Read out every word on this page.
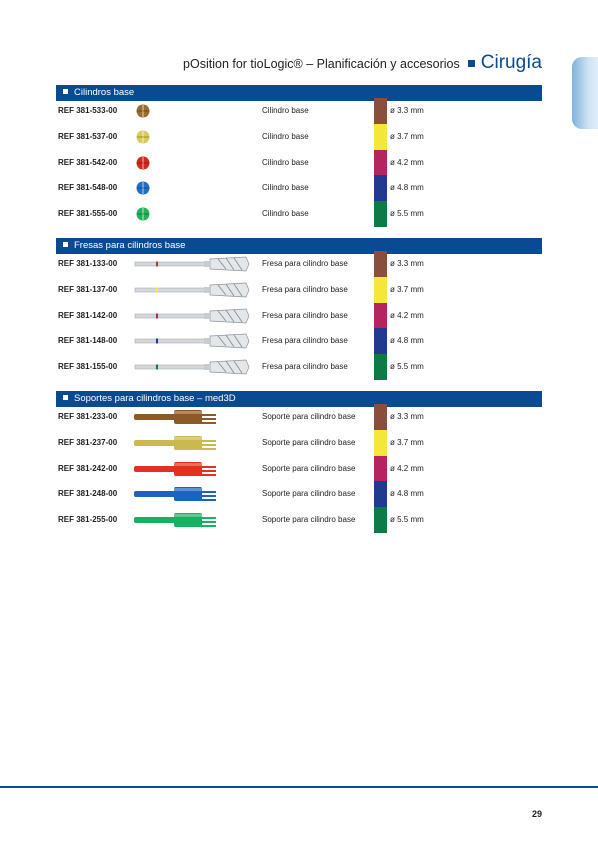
pOsition for tioLogic® – Planificación y accesorios Cirugía
Cilindros base
REF 381-533-00	Cilindro base	ø 3.3 mm
REF 381-537-00	Cilindro base	ø 3.7 mm
REF 381-542-00	Cilindro base	ø 4.2 mm
REF 381-548-00	Cilindro base	ø 4.8 mm
REF 381-555-00	Cilindro base	ø 5.5 mm
Fresas para cilindros base
REF 381-133-00	Fresa para cilindro base	ø 3.3 mm
REF 381-137-00	Fresa para cilindro base	ø 3.7 mm
REF 381-142-00	Fresa para cilindro base	ø 4.2 mm
REF 381-148-00	Fresa para cilindro base	ø 4.8 mm
REF 381-155-00	Fresa para cilindro base	ø 5.5 mm
Soportes para cilindros base – med3D
REF 381-233-00	Soporte para cilindro base	ø 3.3 mm
REF 381-237-00	Soporte para cilindro base	ø 3.7 mm
REF 381-242-00	Soporte para cilindro base	ø 4.2 mm
REF 381-248-00	Soporte para cilindro base	ø 4.8 mm
REF 381-255-00	Soporte para cilindro base	ø 5.5 mm
29
